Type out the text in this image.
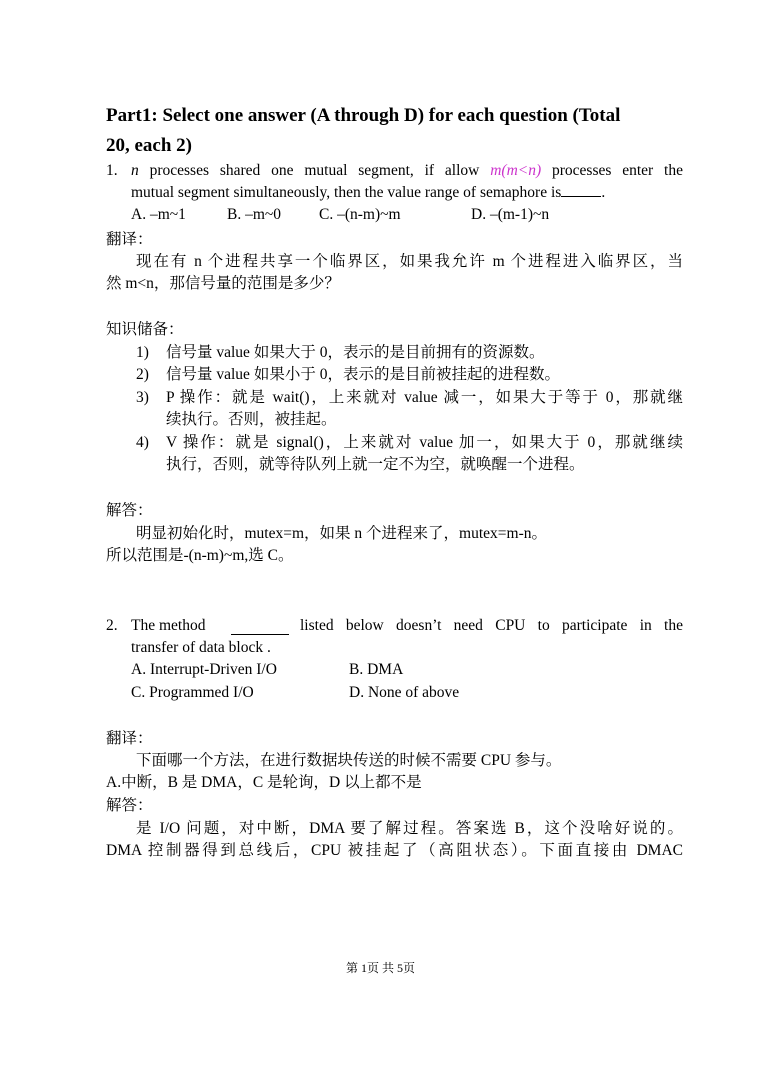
Part1: Select one answer (A through D) for each question (Total
20, each 2)
1. n processes shared one mutual segment, if allow m(m<n) processes enter the
mutual segment simultaneously, then the value range of semaphore is	.
A. –m~1	B. –m~0 C. –(n-m)~m	D. –(m-1)~n
翻译：
现在有 n 个进程共享一个临界区，如果我允许 m 个进程进入临界区，当
然 m<n，那信号量的范围是多少？
知识储备：
1) 信号量 value 如果大于 0，表示的是目前拥有的资源数。
2) 信号量 value 如果小于 0，表示的是目前被挂起的进程数。
3) P 操作：就是 wait()，上来就对 value 减一，如果大于等于 0，那就继
续执行。否则，被挂起。
4) V 操作：就是 signal()，上来就对 value 加一，如果大于 0，那就继续
执行，否则，就等待队列上就一定不为空，就唤醒一个进程。
解答：
明显初始化时，mutex=m，如果 n 个进程来了，mutex=m-n。
所以范围是-(n-m)~m,选 C。
2. The method	listed below doesn’t need CPU to participate in the
transfer of data block .
A. Interrupt-Driven I/O	B. DMA
C. Programmed I/O	D. None of above
翻译：
下面哪一个方法，在进行数据块传送的时候不需要 CPU 参与。
A.中断，B 是 DMA，C 是轮询，D 以上都不是
解答：
是 I/O 问题，对中断，DMA 要了解过程。答案选 B，这个没啥好说的。
DMA 控制器得到总线后，CPU 被挂起了（高阻状态）。下面直接由 DMAC
第 1页 共 5页
